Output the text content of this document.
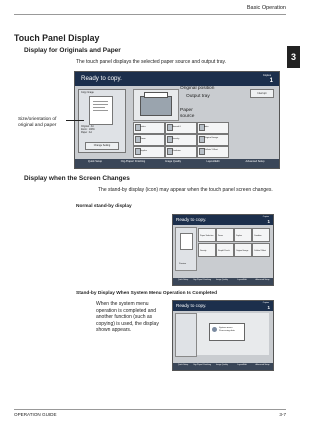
Basic Operation
3
Touch Panel Display
Display for Originals and Paper
The touch panel displays the selected paper source and output tray.
Ready to copy.	Copies
1
Copy Image
Original : A4
Zoom : 100%
Paper : A4
Change Setting
Interrupt
Letter	Normal 0	Auto
Zoom	Density	Original Image
Duplex	Combine	Collate/ Offset
Quick Setup	Org./Paper/ Finishing	Image Quality	Layout/Edit	Advanced Setup
Size/orientation of original and paper
Original position
Output tray
Paper source
Display when the Screen Changes
The stand-by display (icon) may appear when the touch panel screen changes.
Normal stand-by display
Ready to copy.	Copies
1
Preview
Paper Selection Zoom	Duplex	Combine
Density	Staple/ Punch	Original Image	Collate/ Offset
Quick Setup	Org./Paper/ Finishing	Image Quality	Layout/Edit	Advanced Setup
Stand-by Display When System Menu Operation Is Completed
When the system menu operation is completed and another function (such as copying) is used, the display shown appears.
Ready to copy.	Copies
1
System menu
Processing data
Quick Setup	Org./Paper/ Finishing	Image Quality	Layout/Edit	Advanced Setup
OPERATION GUIDE	3-7
